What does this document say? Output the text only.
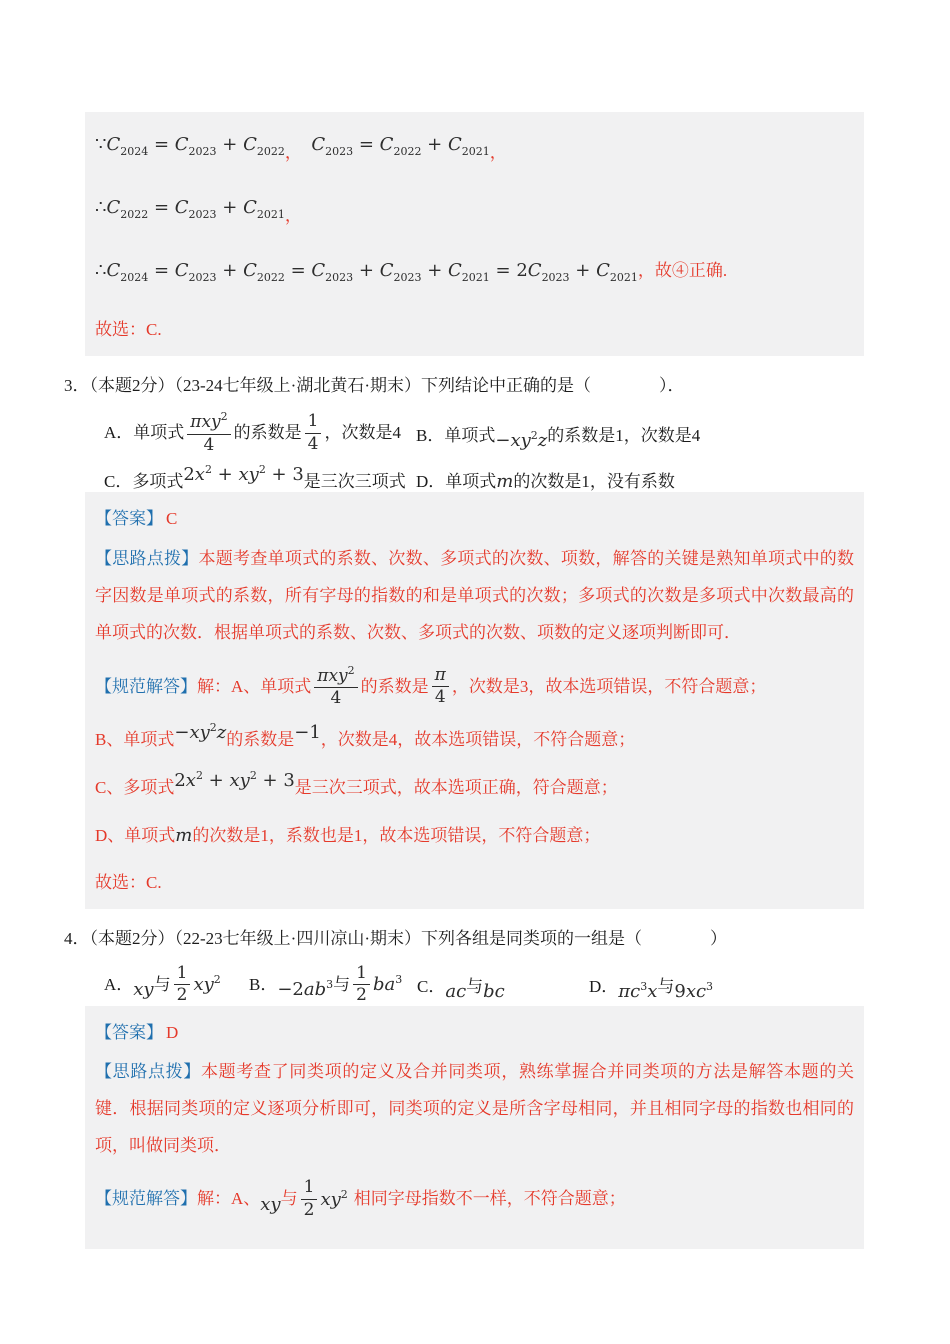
$\because C_{2024} = C_{2023} + C_{2022}$，　 $C_{2023} = C_{2022} + C_{2021}$，
$\therefore C_{2022} = C_{2023} + C_{2021}$，
$\therefore C_{2024} = C_{2023} + C_{2022} = C_{2023} + C_{2023} + C_{2021} = 2C_{2023} + C_{2021}$，故④正确.
故选：C.

3．（本题2分）（23-24七年级上·湖北黄石·期末）下列结论中正确的是（　　　　）．

A．单项式
πxy$^2$
4
的系数是 $\frac{1}{4}$ ，次数是4 B．单项式$-xy^2z$的系数是1，次数是4
C．多项式$2x^2 + xy^2 + 3$是三次三项式 D．单项式m的次数是1，没有系数

【答案】 C

【思路点拨】本题考查单项式的系数、次数、多项式的次数、项数，解答的关键是熟知单项式中的数字因数是单项式的系数，所有字母的指数的和是单项式的次数；多项式的次数是多项式中次数最高的单项式的次数．根据单项式的系数、次数、多项式的次数、项数的定义逐项判断即可．

【规范解答】解：A、单项式
πxy$^2$
4
的系数是 $\frac{\pi}{4}$ ，次数是3，故本选项错误，不符合题意；

B、单项式$-xy^2z$的系数是−1，次数是4，故本选项错误，不符合题意；

C、多项式$2x^2 + xy^2 + 3$是三次三项式，故本选项正确，符合题意；

D、单项式m的次数是1，系数也是1，故本选项错误，不符合题意；

故选：C.

4．（本题2分）（22-23七年级上·四川凉山·期末）下列各组是同类项的一组是（　　　　）

A．xy与 $\frac{1}{2} xy^2$	B．$-2ab^3$与 $\frac{1}{2} ba^3$ C．ac与bc	D．$\pi c^3x$与$9xc^3$

【答案】 D

【思路点拨】本题考查了同类项的定义及合并同类项，熟练掌握合并同类项的方法是解答本题的关键．根据同类项的定义逐项分析即可，同类项的定义是所含字母相同，并且相同字母的指数也相同的项，叫做同类项．

【规范解答】解：A、xy与 $\frac{1}{2} xy^2$ 相同字母指数不一样，不符合题意；
